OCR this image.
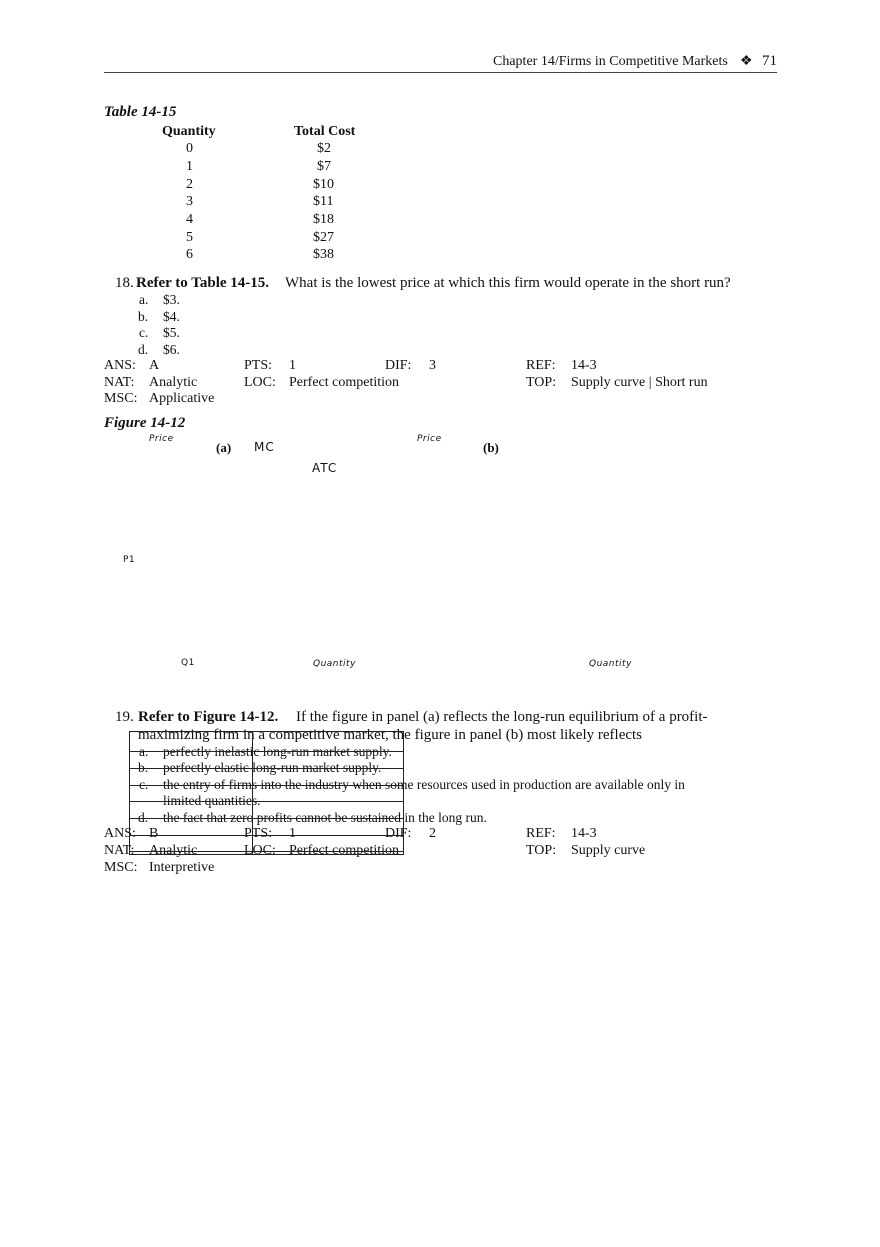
Chapter 14/Firms in Competitive Markets ❖ 71
Table 14-15
Quantity	Total Cost
0	$2
1	$7
2	$10
3	$11
4	$18
5	$27
6	$38
18. Refer to Table 14-15. What is the lowest price at which this firm would operate in the short run?
a. $3.
b. $4.
c. $5.
d. $6.
ANS: A	PTS: 1	DIF: 3	REF: 14-3
NAT: Analytic	LOC: Perfect competition	TOP: Supply curve | Short run
MSC: Applicative
Figure 14-12
Price
(a) MC
ATC
P1
Q1	Quantity
Price
(b)
Quantity
19. Refer to Figure 14-12. If the figure in panel (a) reflects the long-run equilibrium of a profit-
maximizing firm in a competitive market, the figure in panel (b) most likely reflects
a. perfectly inelastic long-run market supply.
b. perfectly elastic long-run market supply.
c. the entry of firms into the industry when some resources used in production are available only in
limited quantities.
d. the fact that zero profits cannot be sustained in the long run.
ANS: B	PTS: 1	DIF: 2	REF: 14-3
NAT: Analytic	LOC: Perfect competition	TOP: Supply curve
MSC: Interpretive
